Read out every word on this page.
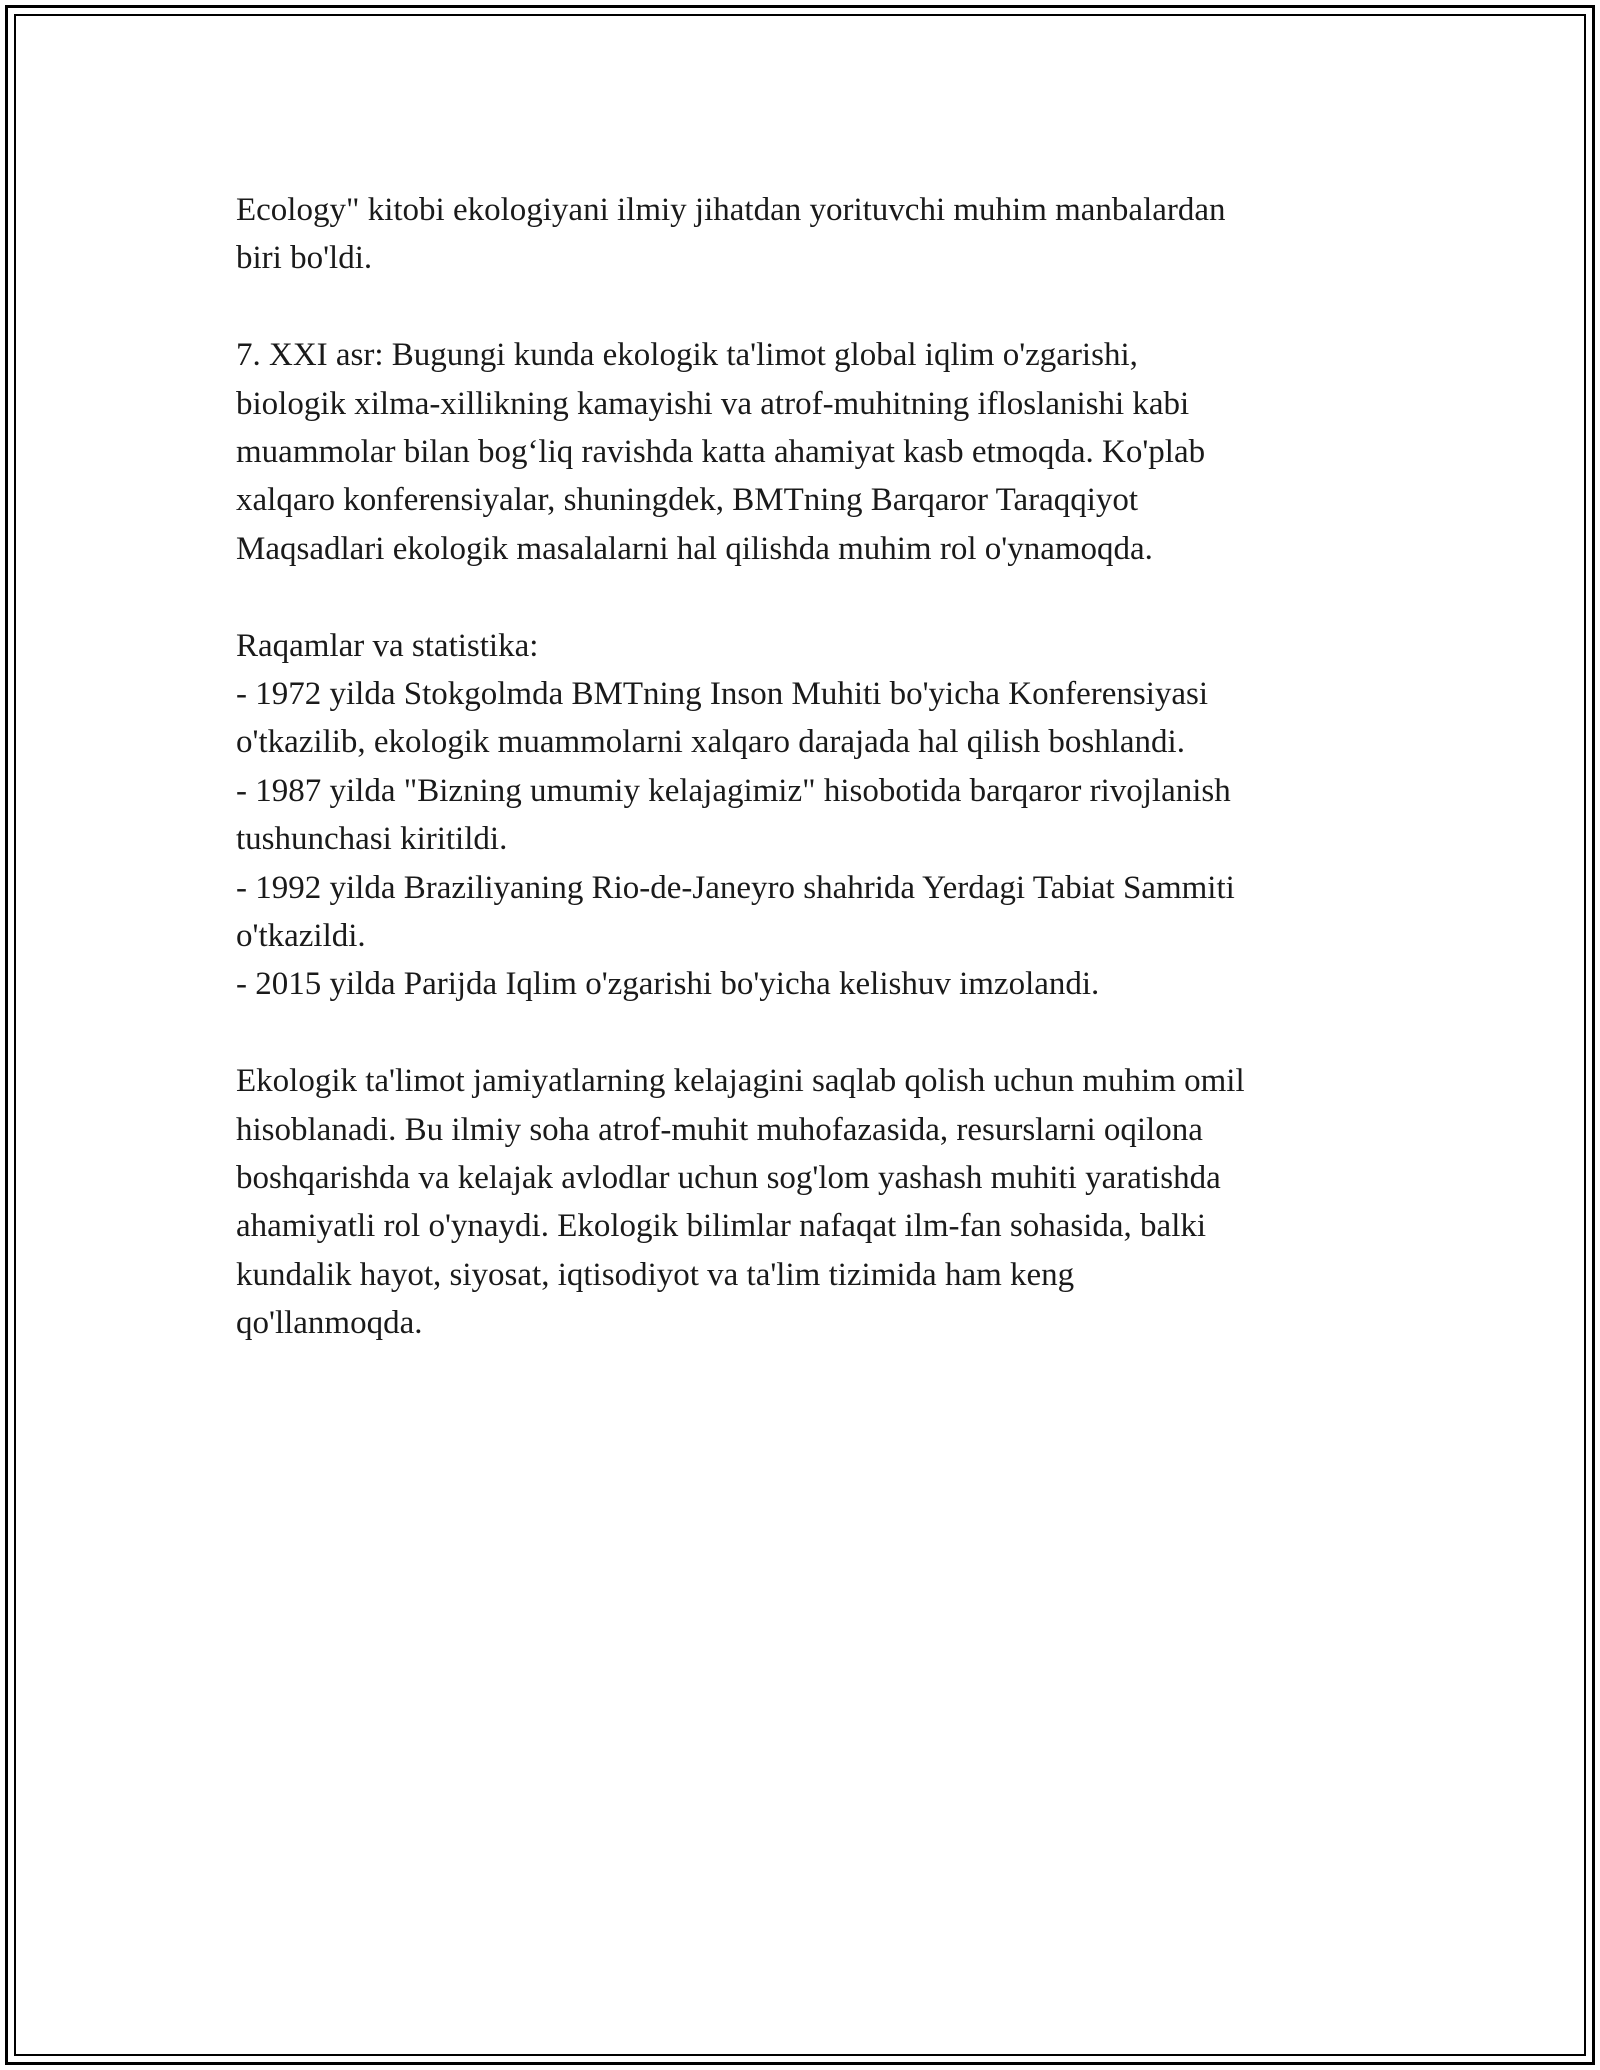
Ecology" kitobi ekologiyani ilmiy jihatdan yorituvchi muhim manbalardan

biri bo'ldi.

7. XXI asr: Bugungi kunda ekologik ta'limot global iqlim o'zgarishi,

biologik xilma-xillikning kamayishi va atrof-muhitning ifloslanishi kabi

muammolar bilan bog‘liq ravishda katta ahamiyat kasb etmoqda. Ko'plab

xalqaro konferensiyalar, shuningdek, BMTning Barqaror Taraqqiyot

Maqsadlari ekologik masalalarni hal qilishda muhim rol o'ynamoqda.

Raqamlar va statistika:

- 1972 yilda Stokgolmda BMTning Inson Muhiti bo'yicha Konferensiyasi

o'tkazilib, ekologik muammolarni xalqaro darajada hal qilish boshlandi.

- 1987 yilda "Bizning umumiy kelajagimiz" hisobotida barqaror rivojlanish

tushunchasi kiritildi.

- 1992 yilda Braziliyaning Rio-de-Janeyro shahrida Yerdagi Tabiat Sammiti

o'tkazildi.

- 2015 yilda Parijda Iqlim o'zgarishi bo'yicha kelishuv imzolandi.

Ekologik ta'limot jamiyatlarning kelajagini saqlab qolish uchun muhim omil

hisoblanadi. Bu ilmiy soha atrof-muhit muhofazasida, resurslarni oqilona

boshqarishda va kelajak avlodlar uchun sog'lom yashash muhiti yaratishda

ahamiyatli rol o'ynaydi. Ekologik bilimlar nafaqat ilm-fan sohasida, balki

kundalik hayot, siyosat, iqtisodiyot va ta'lim tizimida ham keng

qo'llanmoqda.
